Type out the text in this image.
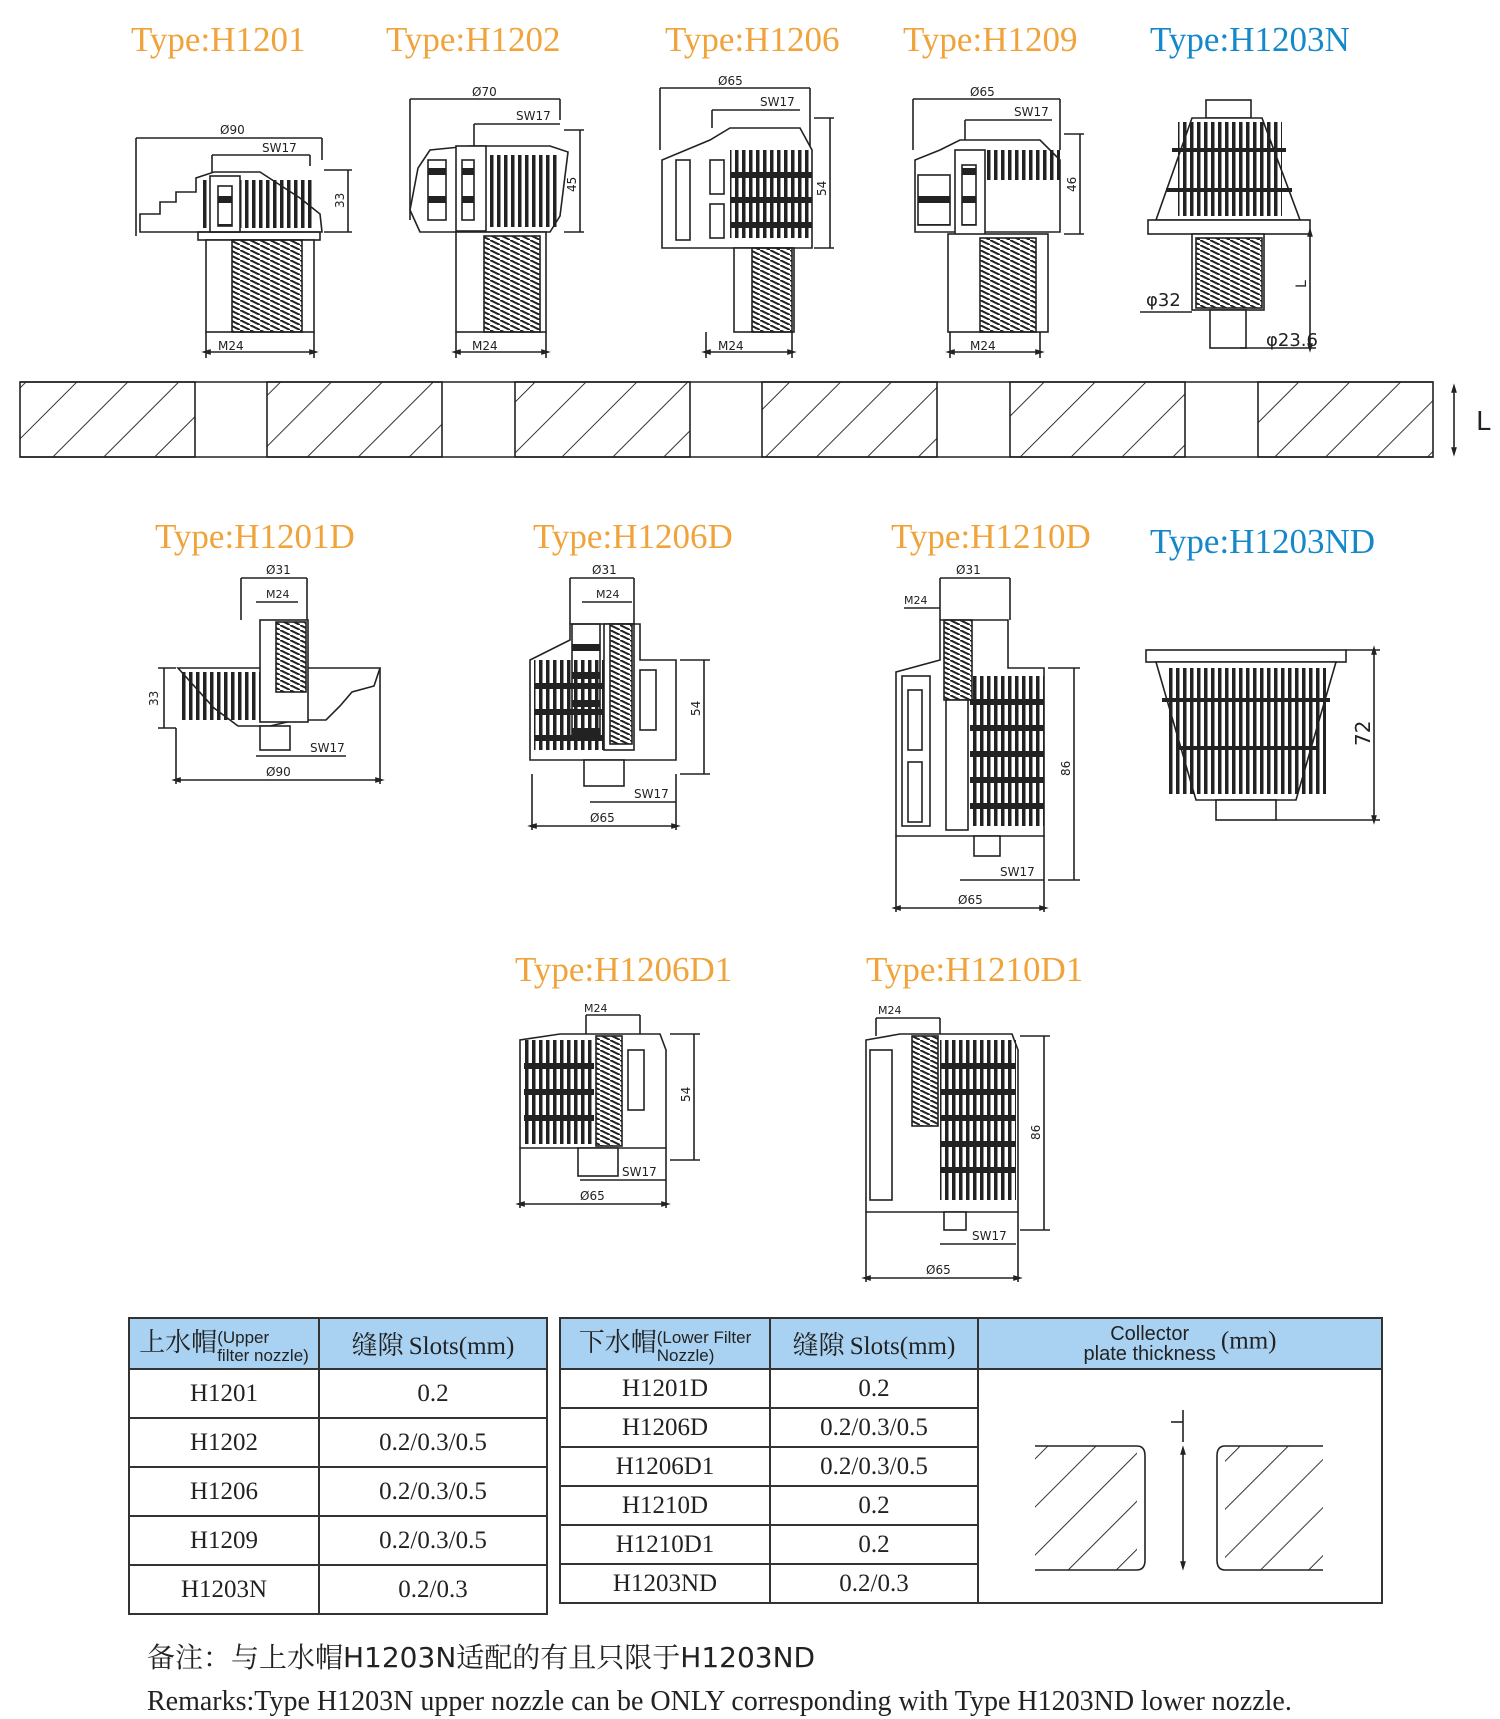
Type:H1201 Type:H1202	Type:H1206 Type:H1209 Type:H1203N
Type:H1201D	Type:H1206D	Type:H1210D Type:H1203ND
Type:H1206D1	Type:H1210D1
Ø90
SW17
33
M24
Ø70
SW17
45
M24
Ø65
SW17
54
M24
Ø65
SW17
46
M24
φ32
φ23.6
L
L
Ø31
M24
33
SW17
Ø90
Ø31
M24
54
SW17
Ø65
Ø31
M24
86
SW17
Ø65
72
M24
54
SW17
Ø65
M24
86
SW17
Ø65
上水帽(Upper
filter nozzle)	缝隙 Slots(mm)
H1201	0.2
H1202	0.2/0.3/0.5
H1206	0.2/0.3/0.5
H1209	0.2/0.3/0.5
H1203N	0.2/0.3
下水帽(Lower Filter
Nozzle)	缝隙 Slots(mm)	Collector
plate thickness (mm)
H1201D	0.2	

H1206D	0.2/0.3/0.5	
H1206D1	0.2/0.3/0.5	
H1210D	0.2	
H1210D1	0.2	
H1203ND	0.2/0.3	
备注：与上水帽H1203N适配的有且只限于H1203ND
Remarks:Type H1203N upper nozzle can be ONLY corresponding with Type H1203ND lower nozzle.
